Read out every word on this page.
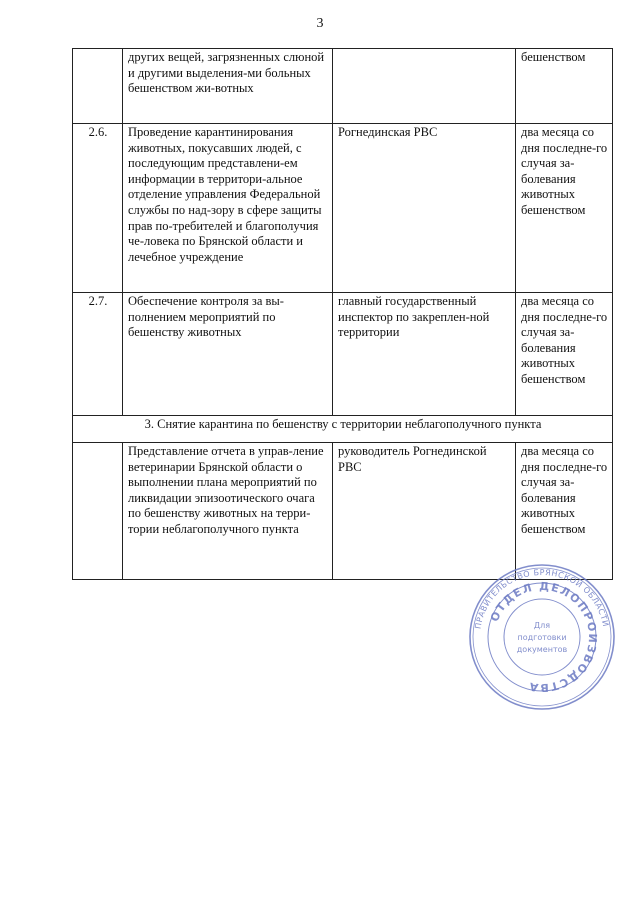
3
	других вещей, загрязненных слюной и другими выделения-ми больных бешенством жи-вотных		бешенством
2.6.	Проведение карантинирования животных, покусавших людей, с последующим представлени-ем информации в территори-альное отделение управления Федеральной службы по над-зору в сфере защиты прав по-требителей и благополучия че-ловека по Брянской области и лечебное учреждение	Рогнединская РВС	два месяца со дня последне-го случая за-болевания животных бешенством
2.7.	Обеспечение контроля за вы-полнением мероприятий по бешенству животных	главный государственный инспектор по закреплен-ной территории	два месяца со дня последне-го случая за-болевания животных бешенством
3. Снятие карантина по бешенству с территории неблагополучного пункта			
	Представление отчета в управ-ление ветеринарии Брянской области о выполнении плана мероприятий по ликвидации эпизоотического очага по бешенству животных на терри-тории неблагополучного пункта	руководитель Рогнединской РВС	два месяца со дня последне-го случая за-болевания животных бешенством
ПРАВИТЕЛЬСТВО БРЯНСКОЙ ОБЛАСТИ
ОТДЕЛ ДЕЛОПРОИЗВОДСТВА
Для
подготовки
документов
